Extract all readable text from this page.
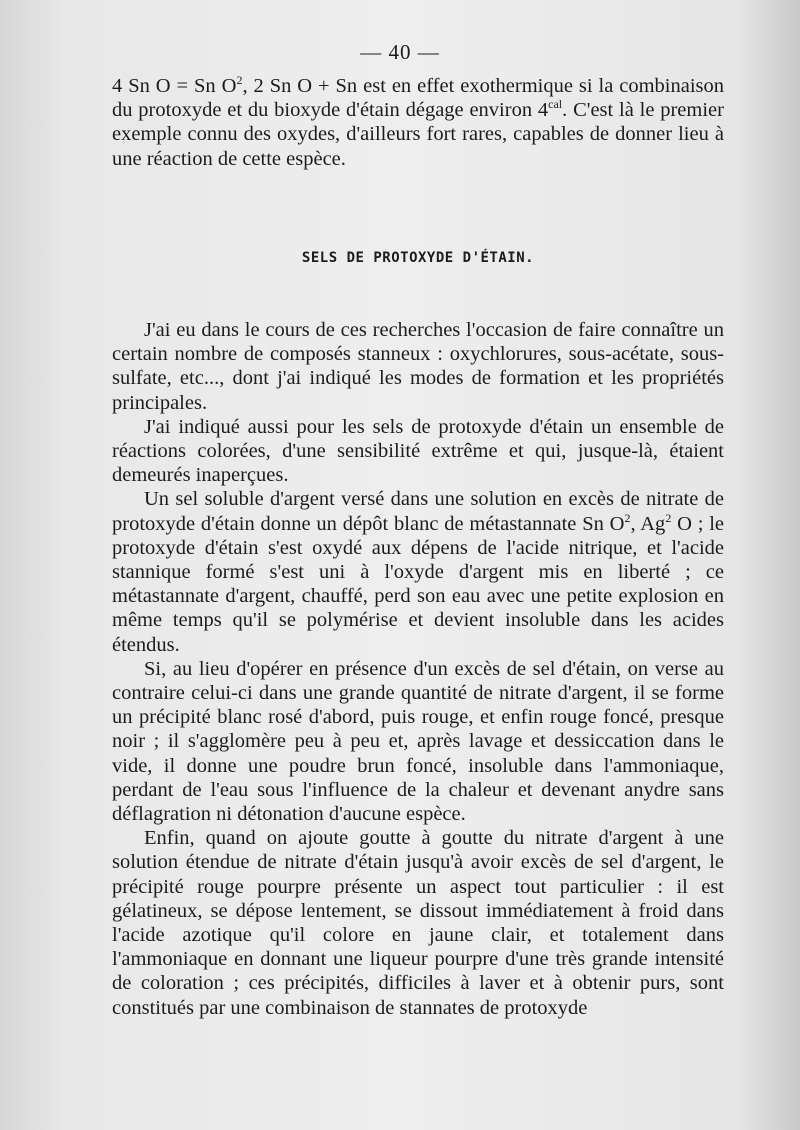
— 40 —

4 Sn O = Sn $O^2$, 2 Sn O + Sn est en effet exothermique si la combinaison du protoxyde et du bioxyde d'étain dégage environ $4^{cal}$. C'est là le premier exemple connu des oxydes, d'ailleurs fort rares, capables de donner lieu à une réaction de cette espèce.

SELS DE PROTOXYDE D'ÉTAIN.

J'ai eu dans le cours de ces recherches l'occasion de faire connaître un certain nombre de composés stanneux : oxychlorures, sous-acétate, sous-sulfate, etc..., dont j'ai indiqué les modes de formation et les propriétés principales.

J'ai indiqué aussi pour les sels de protoxyde d'étain un ensemble de réactions colorées, d'une sensibilité extrême et qui, jusque-là, étaient demeurés inaperçues.

Un sel soluble d'argent versé dans une solution en excès de nitrate de protoxyde d'étain donne un dépôt blanc de métastannate Sn $O^2$, Ag$^2$ O ; le protoxyde d'étain s'est oxydé aux dépens de l'acide nitrique, et l'acide stannique formé s'est uni à l'oxyde d'argent mis en liberté ; ce métastannate d'argent, chauffé, perd son eau avec une petite explosion en même temps qu'il se polymérise et devient insoluble dans les acides étendus.

Si, au lieu d'opérer en présence d'un excès de sel d'étain, on verse au contraire celui-ci dans une grande quantité de nitrate d'argent, il se forme un précipité blanc rosé d'abord, puis rouge, et enfin rouge foncé, presque noir ; il s'agglomère peu à peu et, après lavage et dessiccation dans le vide, il donne une poudre brun foncé, insoluble dans l'ammoniaque, perdant de l'eau sous l'influence de la chaleur et devenant anydre sans déflagration ni détonation d'aucune espèce.

Enfin, quand on ajoute goutte à goutte du nitrate d'argent à une solution étendue de nitrate d'étain jusqu'à avoir excès de sel d'argent, le précipité rouge pourpre présente un aspect tout particulier : il est gélatineux, se dépose lentement, se dissout immédiatement à froid dans l'acide azotique qu'il colore en jaune clair, et totalement dans l'ammoniaque en donnant une liqueur pourpre d'une très grande intensité de coloration ; ces précipités, difficiles à laver et à obtenir purs, sont constitués par une combinaison de stannates de protoxyde
